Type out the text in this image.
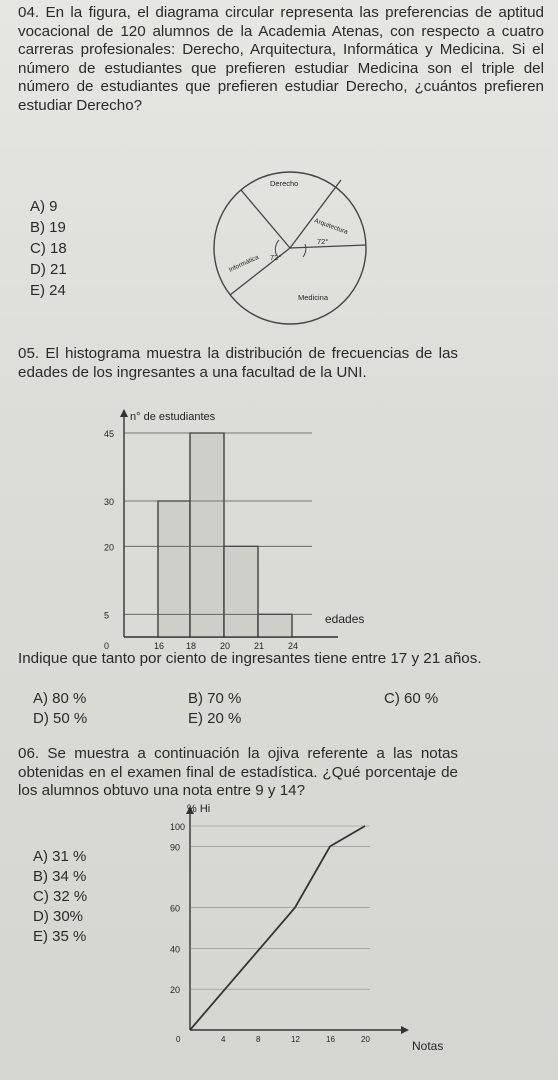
04. En la figura, el diagrama circular representa las preferencias de aptitud vocacional de 120 alumnos de la Academia Atenas, con respecto a cuatro carreras profesionales: Derecho, Arquitectura, Informática y Medicina. Si el número de estudiantes que prefieren estudiar Medicina son el triple del número de estudiantes que prefieren estudiar Derecho, ¿cuántos prefieren estudiar Derecho?
A) 9
B) 19
C) 18
D) 21
E) 24
Derecho
Arquitectura
Informática
Medicina
72°
72°
05. El histograma muestra la distribución de frecuencias de las edades de los ingresantes a una facultad de la UNI.
n° de estudiantes
edades
5
20
30
45
0	16 18	20	21	24
Indique que tanto por ciento de ingresantes tiene entre 17 y 21 años.
A) 80 %	B) 70 %	C) 60 %
D) 50 %	E) 20 %
06. Se muestra a continuación la ojiva referente a las notas obtenidas en el examen final de estadística. ¿Qué porcentaje de los alumnos obtuvo una nota entre 9 y 14?
A) 31 %
B) 34 %
C) 32 %
D) 30%
E) 35 %
% Hi
Notas
20
40
60
90
100
0	4	8	12	16	20
